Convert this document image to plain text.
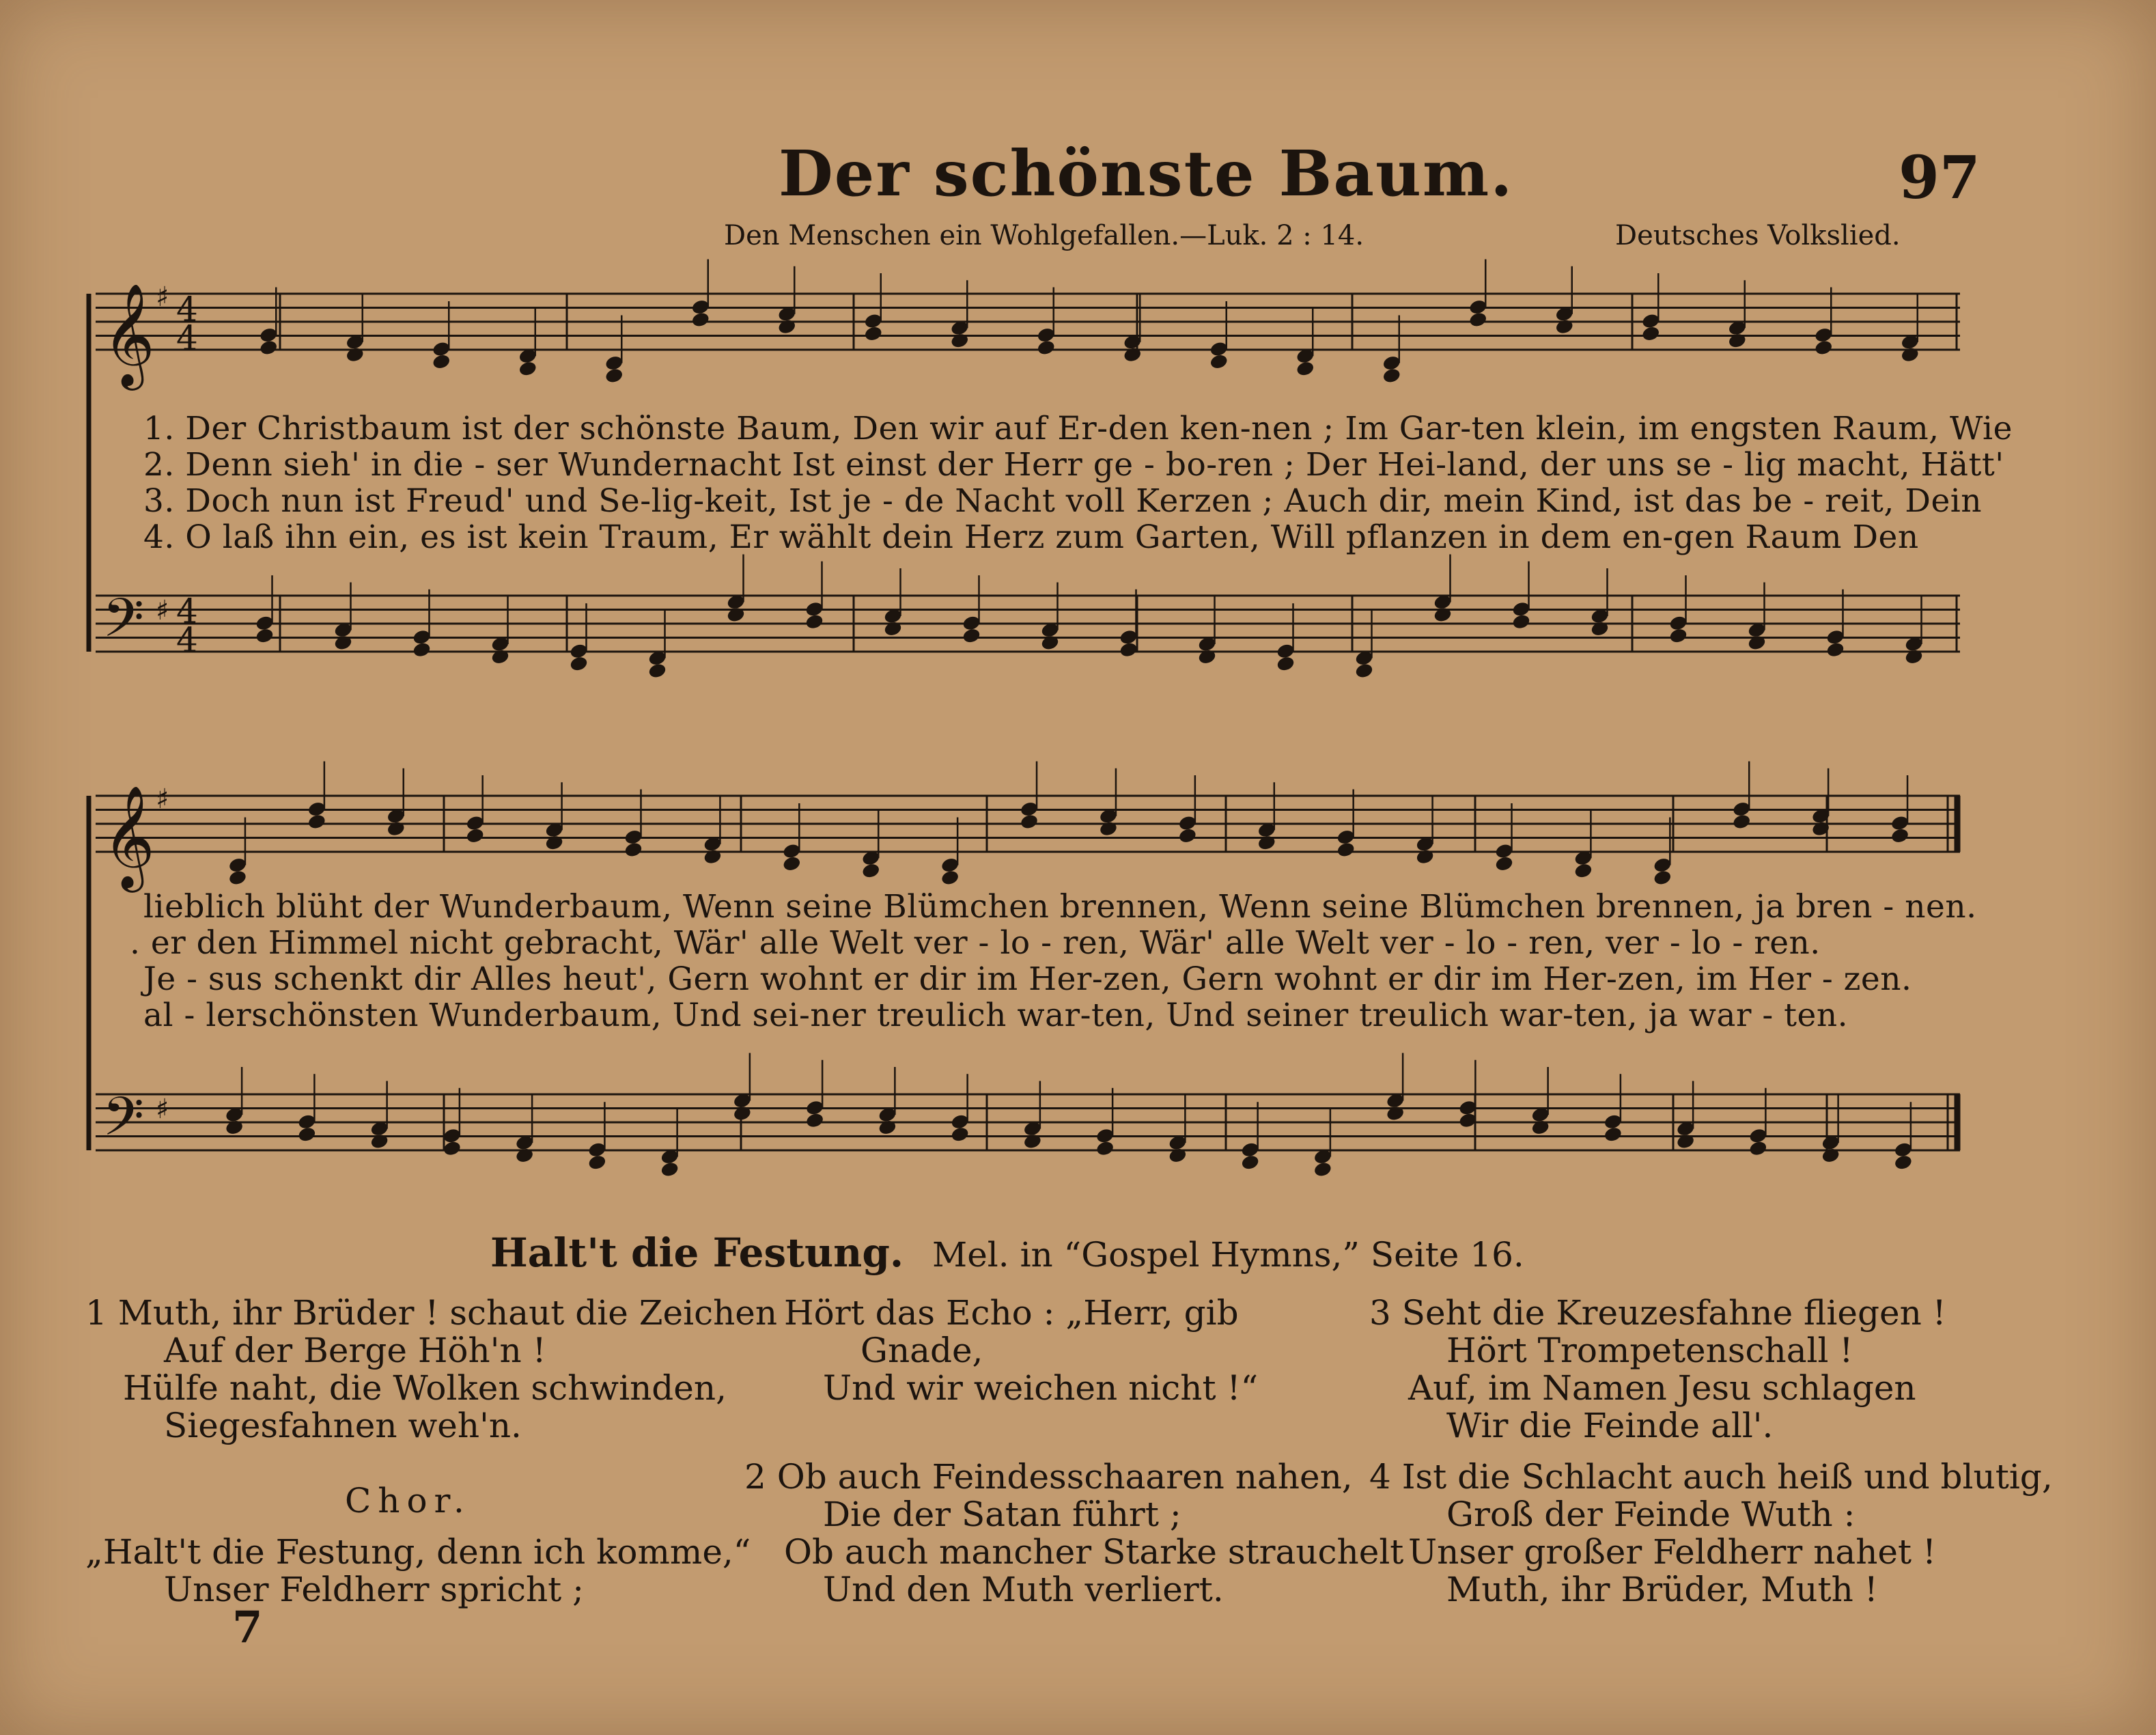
Der schönste Baum.	97
Den Menschen ein Wohlgefallen.—Luk. 2 : 14.	Deutsches Volkslied.
𝄞
𝄢
4
4
4
4
♯
♯
𝄞
𝄢
♯
♯
1. Der Christbaum ist der schönste Baum, Den wir auf Er-den ken-nen ; Im Gar-ten klein, im engsten Raum, Wie
2. Denn sieh' in die - ser Wundernacht Ist einst der Herr ge - bo-ren ; Der Hei-land, der uns se - lig macht, Hätt'
3. Doch nun ist Freud' und Se-lig-keit, Ist je - de Nacht voll Kerzen ; Auch dir, mein Kind, ist das be - reit, Dein
4. O laß ihn ein, es ist kein Traum, Er wählt dein Herz zum Garten, Will pflanzen in dem en-gen Raum Den
lieblich blüht der Wunderbaum, Wenn seine Blümchen brennen, Wenn seine Blümchen brennen, ja bren - nen.
. er den Himmel nicht gebracht, Wär' alle Welt ver - lo - ren, Wär' alle Welt ver - lo - ren, ver - lo - ren.
Je - sus schenkt dir Alles heut', Gern wohnt er dir im Her-zen, Gern wohnt er dir im Her-zen, im Her - zen.
al - lerschönsten Wunderbaum, Und sei-ner treulich war-ten, Und seiner treulich war-ten, ja war - ten.
Halt't die Festung. Mel. in “Gospel Hymns,” Seite 16.
1 Muth, ihr Brüder ! schaut die Zeichen
Auf der Berge Höh'n !
Hülfe naht, die Wolken schwinden,
Siegesfahnen weh'n.
Chor.
„Halt't die Festung, denn ich komme,“
Unser Feldherr spricht ;
7
Hört das Echo : „Herr, gib
Gnade,
Und wir weichen nicht !“
2 Ob auch Feindesschaaren nahen,
Die der Satan führt ;
Ob auch mancher Starke strauchelt
Und den Muth verliert.
3 Seht die Kreuzesfahne fliegen !
Hört Trompetenschall !
Auf, im Namen Jesu schlagen
Wir die Feinde all'.
4 Ist die Schlacht auch heiß und blutig,
Groß der Feinde Wuth :
Unser großer Feldherr nahet !
Muth, ihr Brüder, Muth !
